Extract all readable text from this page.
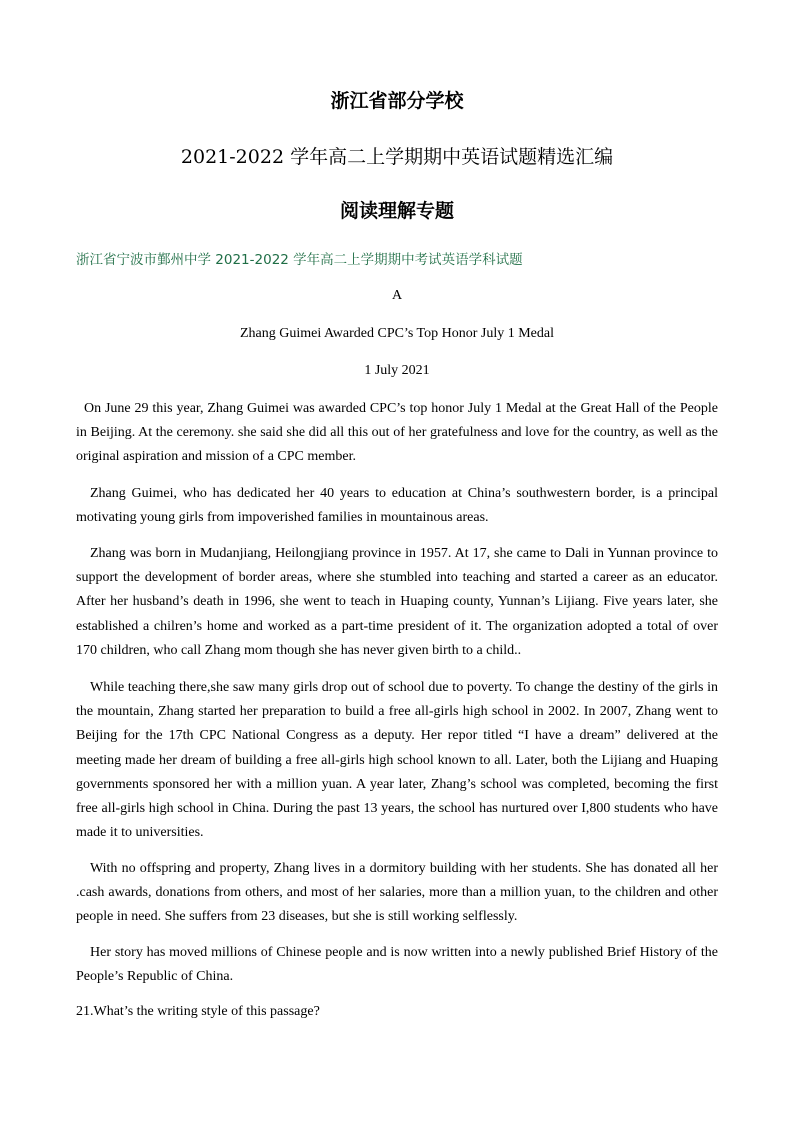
浙江省部分学校
2021-2022 学年高二上学期期中英语试题精选汇编
阅读理解专题
浙江省宁波市鄞州中学 2021-2022 学年高二上学期期中考试英语学科试题
A
Zhang Guimei Awarded CPC’s Top Honor July 1 Medal
1 July 2021

On June 29 this year, Zhang Guimei was awarded CPC’s top honor July 1 Medal at the Great Hall of the People in Beijing. At the ceremony. she said she did all this out of her gratefulness and love for the country, as well as the original aspiration and mission of a CPC member.

Zhang Guimei, who has dedicated her 40 years to education at China’s southwestern border, is a principal motivating young girls from impoverished families in mountainous areas.

Zhang was born in Mudanjiang, Heilongjiang province in 1957. At 17, she came to Dali in Yunnan province to support the development of border areas, where she stumbled into teaching and started a career as an educator. After her husband’s death in 1996, she went to teach in Huaping county, Yunnan’s Lijiang. Five years later, she established a chilren’s home and worked as a part-time president of it. The organization adopted a total of over 170 children, who call Zhang mom though she has never given birth to a child..

While teaching there,she saw many girls drop out of school due to poverty. To change the destiny of the girls in the mountain, Zhang started her preparation to build a free all-girls high school in 2002. In 2007, Zhang went to Beijing for the 17th CPC National Congress as a deputy. Her repor titled “I have a dream” delivered at the meeting made her dream of building a free all-girls high school known to all. Later, both the Lijiang and Huaping governments sponsored her with a million yuan. A year later, Zhang’s school was completed, becoming the first free all-girls high school in China. During the past 13 years, the school has nurtured over I,800 students who have made it to universities.

With no offspring and property, Zhang lives in a dormitory building with her students. She has donated all her .cash awards, donations from others, and most of her salaries, more than a million yuan, to the children and other people in need. She suffers from 23 diseases, but she is still working selflessly.

Her story has moved millions of Chinese people and is now written into a newly published Brief History of the People’s Republic of China.

21.What’s the writing style of this passage?
